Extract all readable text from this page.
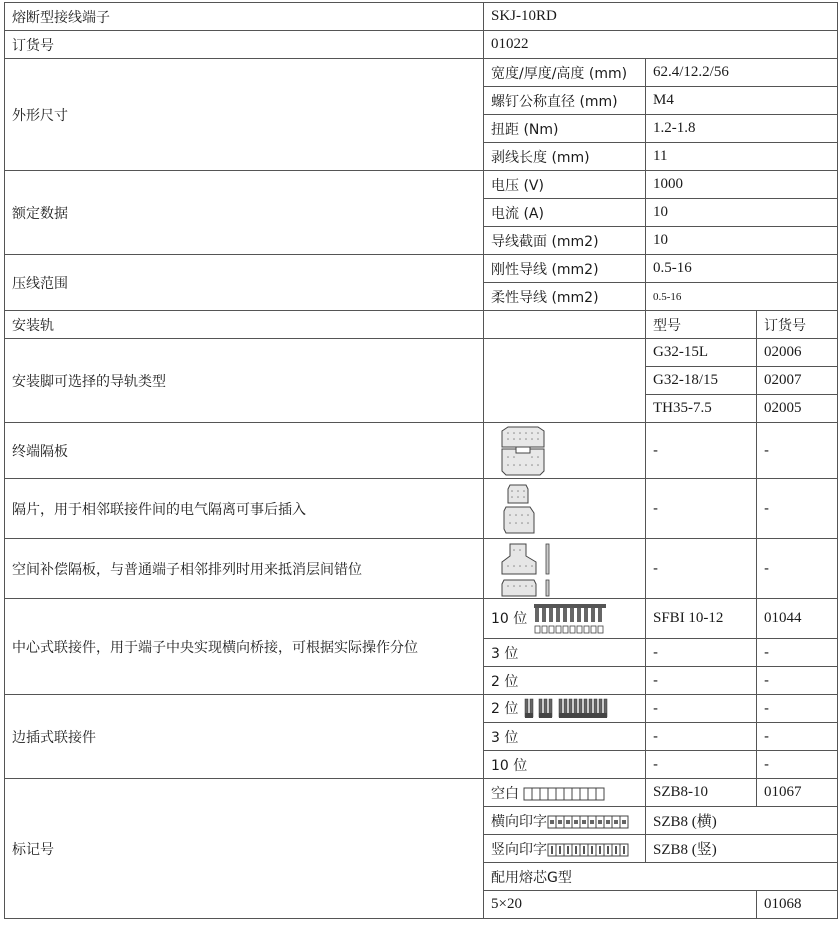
熔断型接线端子	SKJ-10RD		
订货号	01022		
外形尺寸	宽度/厚度/高度 (mm)	62.4/12.2/56	
	螺钉公称直径 (mm)	M4	
	扭距 (Nm)	1.2-1.8	
	剥线长度 (mm)	11	
额定数据	电压 (V)	1000	
	电流 (A)	10	
	导线截面 (mm2)	10	
压线范围	刚性导线 (mm2)	0.5-16	
	柔性导线 (mm2)	0.5-16	
安装轨		型号	订货号
安装脚可选择的导轨类型		G32-15L	02006
		G32-18/15	02007
		TH35-7.5	02005
终端隔板		-	-
隔片，用于相邻联接件间的电气隔离可事后插入		-	-
空间补偿隔板，与普通端子相邻排列时用来抵消层间错位		-	-
中心式联接件，用于端子中央实现横向桥接，可根据实际操作分位	10 位	SFBI 10-12	01044
	3 位	-	-
	2 位	-	-
边插式联接件	2 位	-	-
	3 位	-	-
	10 位	-	-
标记号	空白	SZB8-10	01067
	横向印字	SZB8 (横)	
	竖向印字	SZB8 (竖)	
	配用熔芯G型		
	5×20		01068
